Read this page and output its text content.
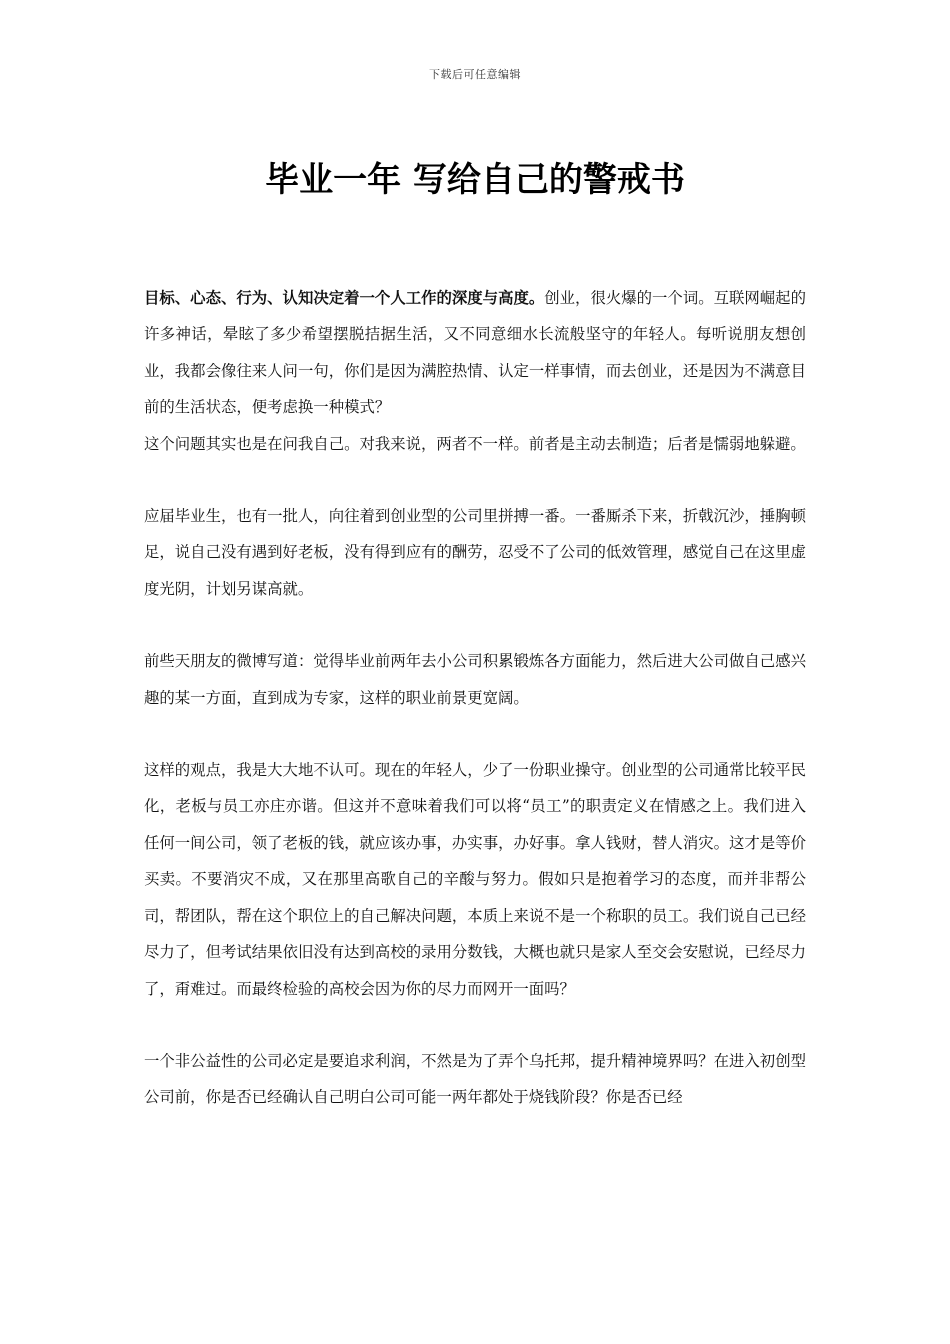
下载后可任意编辑
毕业一年 写给自己的警戒书

目标、心态、行为、认知决定着一个人工作的深度与高度。创业，很火爆的一个词。互联网崛起的许多神话，晕眩了多少希望摆脱拮据生活，又不同意细水长流般坚守的年轻人。每听说朋友想创业，我都会像往来人问一句，你们是因为满腔热情、认定一样事情，而去创业，还是因为不满意目前的生活状态，便考虑换一种模式？

这个问题其实也是在问我自己。对我来说，两者不一样。前者是主动去制造；后者是懦弱地躲避。

应届毕业生，也有一批人，向往着到创业型的公司里拼搏一番。一番厮杀下来，折戟沉沙，捶胸顿足，说自己没有遇到好老板，没有得到应有的酬劳，忍受不了公司的低效管理，感觉自己在这里虚度光阴，计划另谋高就。

前些天朋友的微博写道：觉得毕业前两年去小公司积累锻炼各方面能力，然后进大公司做自己感兴趣的某一方面，直到成为专家，这样的职业前景更宽阔。

这样的观点，我是大大地不认可。现在的年轻人，少了一份职业操守。创业型的公司通常比较平民化，老板与员工亦庄亦谐。但这并不意味着我们可以将“员工”的职责定义在情感之上。我们进入任何一间公司，领了老板的钱，就应该办事，办实事，办好事。拿人钱财，替人消灾。这才是等价买卖。不要消灾不成，又在那里高歌自己的辛酸与努力。假如只是抱着学习的态度，而并非帮公司，帮团队，帮在这个职位上的自己解决问题，本质上来说不是一个称职的员工。我们说自己已经尽力了，但考试结果依旧没有达到高校的录用分数钱，大概也就只是家人至交会安慰说，已经尽力了，甭难过。而最终检验的高校会因为你的尽力而网开一面吗？

一个非公益性的公司必定是要追求利润，不然是为了弄个乌托邦，提升精神境界吗？在进入初创型公司前，你是否已经确认自己明白公司可能一两年都处于烧钱阶段？你是否已经
